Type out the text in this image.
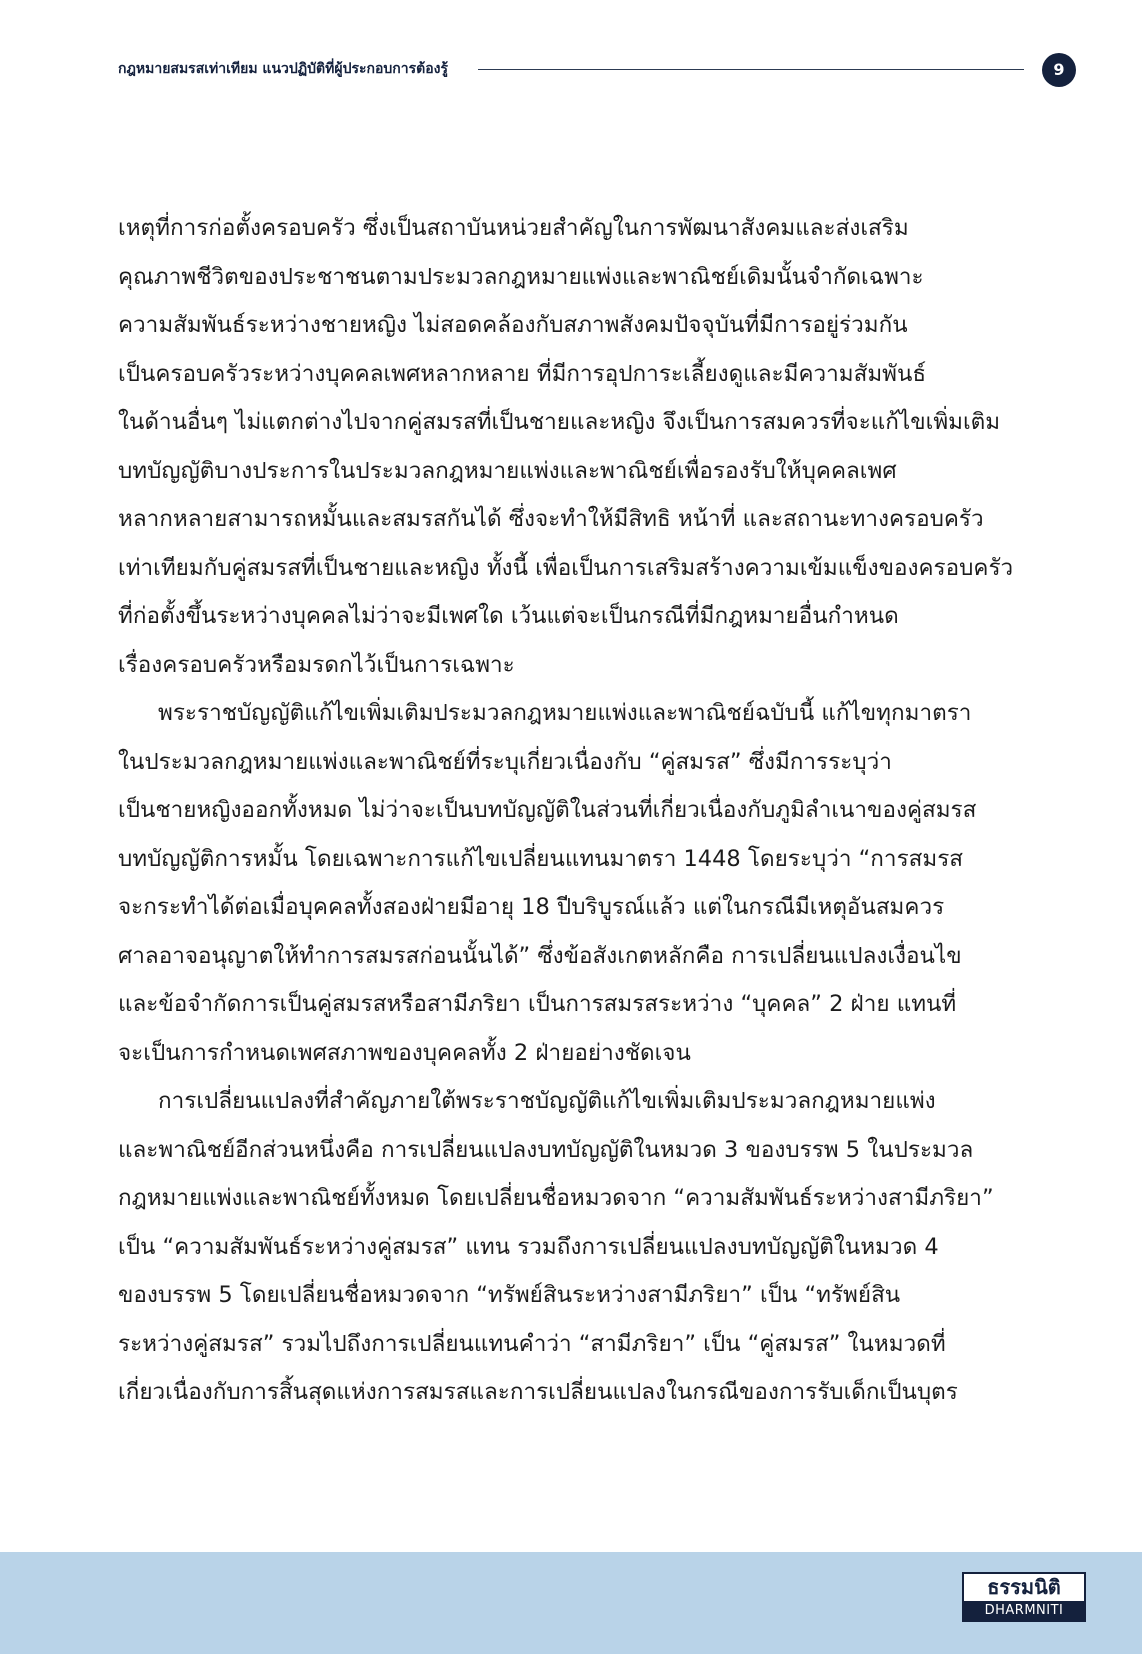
กฎหมายสมรสเท่าเทียม แนวปฏิบัติที่ผู้ประกอบการต้องรู้	9
เหตุที่การก่อตั้งครอบครัว ซึ่งเป็นสถาบันหน่วยสำคัญในการพัฒนาสังคมและส่งเสริม
คุณภาพชีวิตของประชาชนตามประมวลกฎหมายแพ่งและพาณิชย์เดิมนั้นจำกัดเฉพาะ
ความสัมพันธ์ระหว่างชายหญิง ไม่สอดคล้องกับสภาพสังคมปัจจุบันที่มีการอยู่ร่วมกัน
เป็นครอบครัวระหว่างบุคคลเพศหลากหลาย ที่มีการอุปการะเลี้ยงดูและมีความสัมพันธ์
ในด้านอื่นๆ ไม่แตกต่างไปจากคู่สมรสที่เป็นชายและหญิง จึงเป็นการสมควรที่จะแก้ไขเพิ่มเติม
บทบัญญัติบางประการในประมวลกฎหมายแพ่งและพาณิชย์เพื่อรองรับให้บุคคลเพศ
หลากหลายสามารถหมั้นและสมรสกันได้ ซึ่งจะทำให้มีสิทธิ หน้าที่ และสถานะทางครอบครัว
เท่าเทียมกับคู่สมรสที่เป็นชายและหญิง ทั้งนี้ เพื่อเป็นการเสริมสร้างความเข้มแข็งของครอบครัว
ที่ก่อตั้งขึ้นระหว่างบุคคลไม่ว่าจะมีเพศใด เว้นแต่จะเป็นกรณีที่มีกฎหมายอื่นกำหนด
เรื่องครอบครัวหรือมรดกไว้เป็นการเฉพาะ
พระราชบัญญัติแก้ไขเพิ่มเติมประมวลกฎหมายแพ่งและพาณิชย์ฉบับนี้ แก้ไขทุกมาตรา
ในประมวลกฎหมายแพ่งและพาณิชย์ที่ระบุเกี่ยวเนื่องกับ “คู่สมรส” ซึ่งมีการระบุว่า
เป็นชายหญิงออกทั้งหมด ไม่ว่าจะเป็นบทบัญญัติในส่วนที่เกี่ยวเนื่องกับภูมิลำเนาของคู่สมรส
บทบัญญัติการหมั้น โดยเฉพาะการแก้ไขเปลี่ยนแทนมาตรา 1448 โดยระบุว่า “การสมรส
จะกระทำได้ต่อเมื่อบุคคลทั้งสองฝ่ายมีอายุ 18 ปีบริบูรณ์แล้ว แต่ในกรณีมีเหตุอันสมควร
ศาลอาจอนุญาตให้ทำการสมรสก่อนนั้นได้” ซึ่งข้อสังเกตหลักคือ การเปลี่ยนแปลงเงื่อนไข
และข้อจำกัดการเป็นคู่สมรสหรือสามีภริยา เป็นการสมรสระหว่าง “บุคคล” 2 ฝ่าย แทนที่
จะเป็นการกำหนดเพศสภาพของบุคคลทั้ง 2 ฝ่ายอย่างชัดเจน
การเปลี่ยนแปลงที่สำคัญภายใต้พระราชบัญญัติแก้ไขเพิ่มเติมประมวลกฎหมายแพ่ง
และพาณิชย์อีกส่วนหนึ่งคือ การเปลี่ยนแปลงบทบัญญัติในหมวด 3 ของบรรพ 5 ในประมวล
กฎหมายแพ่งและพาณิชย์ทั้งหมด โดยเปลี่ยนชื่อหมวดจาก “ความสัมพันธ์ระหว่างสามีภริยา”
เป็น “ความสัมพันธ์ระหว่างคู่สมรส” แทน รวมถึงการเปลี่ยนแปลงบทบัญญัติในหมวด 4
ของบรรพ 5 โดยเปลี่ยนชื่อหมวดจาก “ทรัพย์สินระหว่างสามีภริยา” เป็น “ทรัพย์สิน
ระหว่างคู่สมรส” รวมไปถึงการเปลี่ยนแทนคำว่า “สามีภริยา” เป็น “คู่สมรส” ในหมวดที่
เกี่ยวเนื่องกับการสิ้นสุดแห่งการสมรสและการเปลี่ยนแปลงในกรณีของการรับเด็กเป็นบุตร
ธรรมนิติ
DHARMNITI
